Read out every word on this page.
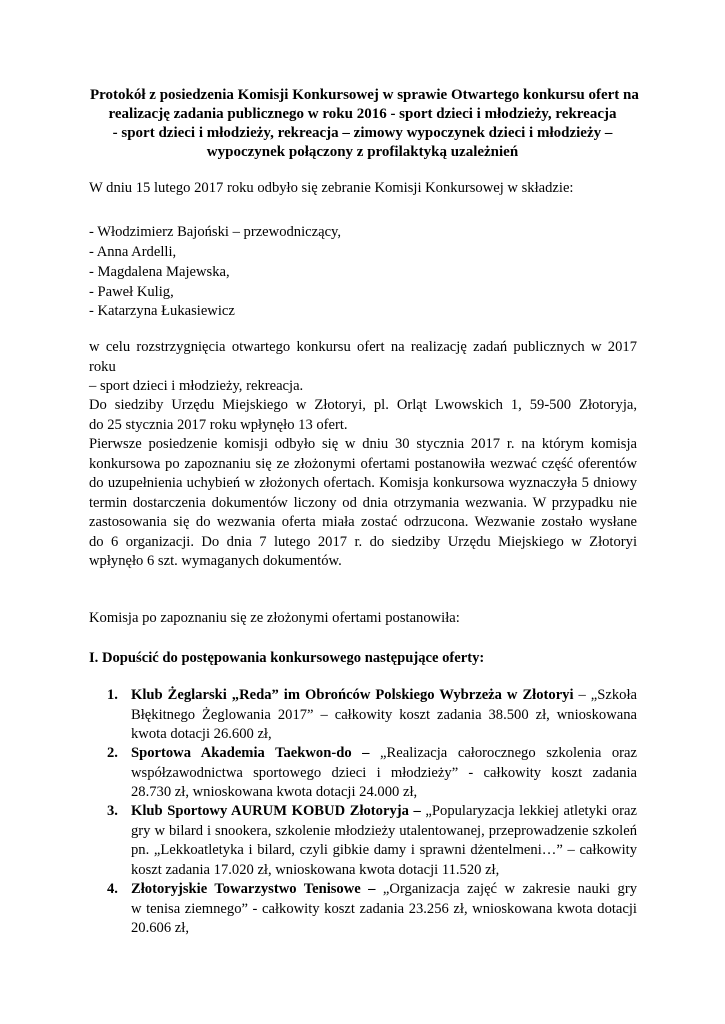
Protokół z posiedzenia Komisji Konkursowej w sprawie Otwartego konkursu ofert na
realizację zadania publicznego w roku 2016 - sport dzieci i młodzieży, rekreacja
- sport dzieci i młodzieży, rekreacja – zimowy wypoczynek dzieci i młodzieży –
wypoczynek połączony z profilaktyką uzależnień
W dniu 15 lutego 2017 roku odbyło się zebranie Komisji Konkursowej w składzie:
- Włodzimierz Bajoński – przewodniczący,
- Anna Ardelli,
- Magdalena Majewska,
- Paweł Kulig,
- Katarzyna Łukasiewicz
w celu rozstrzygnięcia otwartego konkursu ofert na realizację zadań publicznych w 2017
roku
– sport dzieci i młodzieży, rekreacja.
Do siedziby Urzędu Miejskiego w Złotoryi, pl. Orląt Lwowskich 1, 59-500 Złotoryja,
do 25 stycznia 2017 roku wpłynęło 13 ofert.
Pierwsze posiedzenie komisji odbyło się w dniu 30 stycznia 2017 r. na którym komisja
konkursowa po zapoznaniu się ze złożonymi ofertami postanowiła wezwać część oferentów
do uzupełnienia uchybień w złożonych ofertach. Komisja konkursowa wyznaczyła 5 dniowy
termin dostarczenia dokumentów liczony od dnia otrzymania wezwania. W przypadku nie
zastosowania się do wezwania oferta miała zostać odrzucona. Wezwanie zostało wysłane
do 6 organizacji. Do dnia 7 lutego 2017 r. do siedziby Urzędu Miejskiego w Złotoryi
wpłynęło 6 szt. wymaganych dokumentów.
Komisja po zapoznaniu się ze złożonymi ofertami postanowiła:
I. Dopuścić do postępowania konkursowego następujące oferty:
1. Klub Żeglarski „Reda” im Obrońców Polskiego Wybrzeża w Złotoryi – „Szkoła
Błękitnego Żeglowania 2017” – całkowity koszt zadania 38.500 zł, wnioskowana
kwota dotacji 26.600 zł,
2. Sportowa Akademia Taekwon-do – „Realizacja całorocznego szkolenia oraz
współzawodnictwa sportowego dzieci i młodzieży” - całkowity koszt zadania
28.730 zł, wnioskowana kwota dotacji 24.000 zł,
3. Klub Sportowy AURUM KOBUD Złotoryja – „Popularyzacja lekkiej atletyki oraz
gry w bilard i snookera, szkolenie młodzieży utalentowanej, przeprowadzenie szkoleń
pn. „Lekkoatletyka i bilard, czyli gibkie damy i sprawni dżentelmeni…” – całkowity
koszt zadania 17.020 zł, wnioskowana kwota dotacji 11.520 zł,
4. Złotoryjskie Towarzystwo Tenisowe – „Organizacja zajęć w zakresie nauki gry
w tenisa ziemnego” - całkowity koszt zadania 23.256 zł, wnioskowana kwota dotacji
20.606 zł,
